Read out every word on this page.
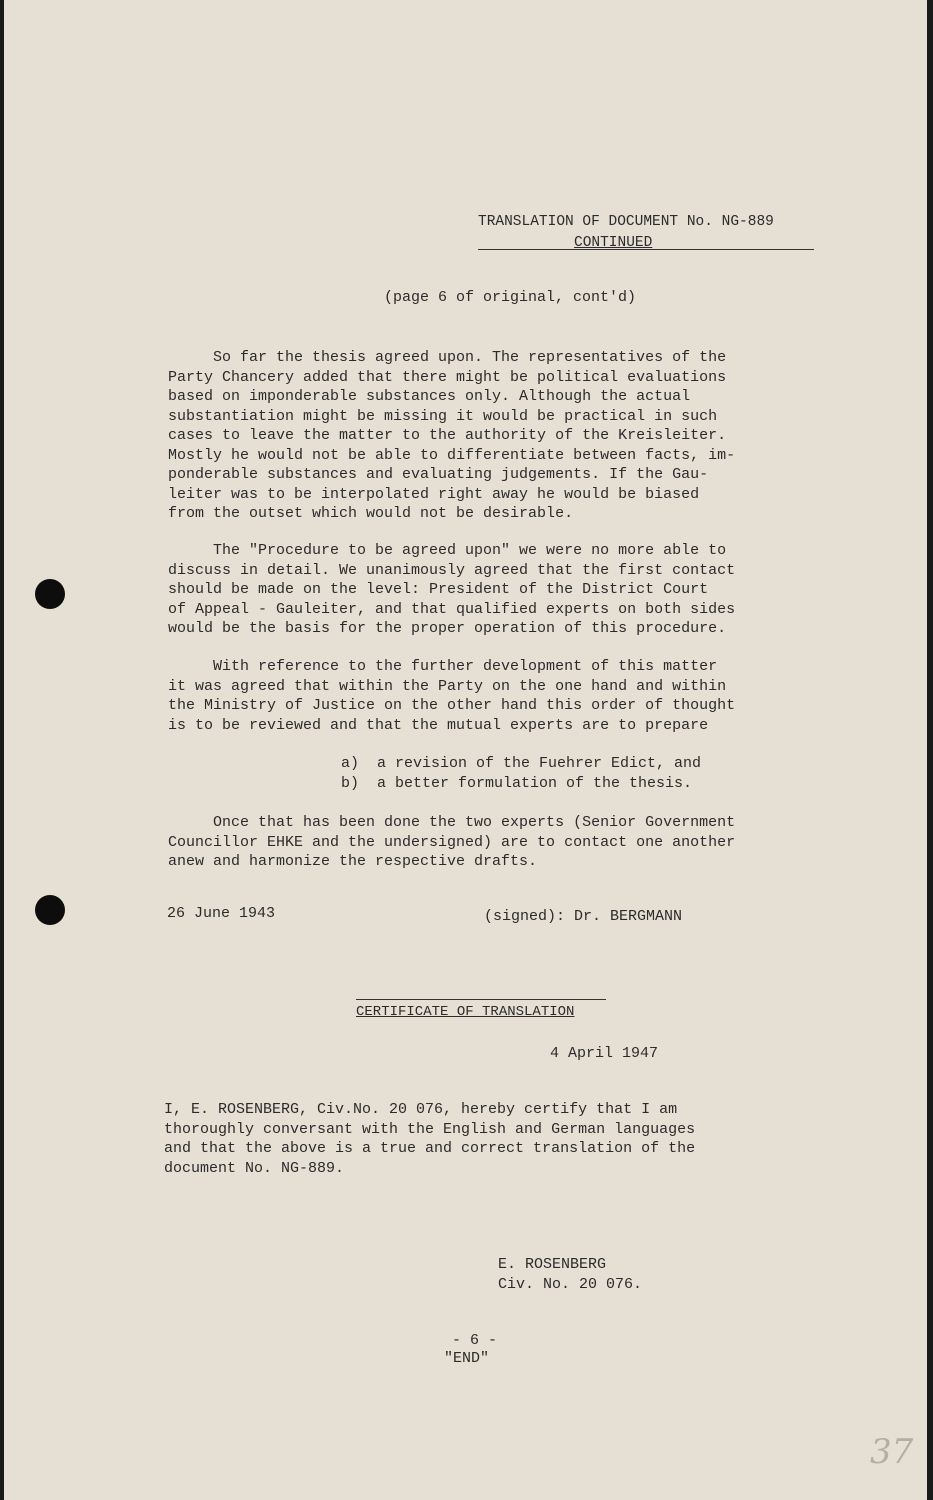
TRANSLATION OF DOCUMENT No. NG-889
CONTINUED
(page 6 of original, cont'd)
So far the thesis agreed upon. The representatives of the
Party Chancery added that there might be political evaluations
based on imponderable substances only. Although the actual
substantiation might be missing it would be practical in such
cases to leave the matter to the authority of the Kreisleiter.
Mostly he would not be able to differentiate between facts, im-
ponderable substances and evaluating judgements. If the Gau-
leiter was to be interpolated right away he would be biased
from the outset which would not be desirable.
The "Procedure to be agreed upon" we were no more able to
discuss in detail. We unanimously agreed that the first contact
should be made on the level: President of the District Court
of Appeal - Gauleiter, and that qualified experts on both sides
would be the basis for the proper operation of this procedure.
With reference to the further development of this matter
it was agreed that within the Party on the one hand and within
the Ministry of Justice on the other hand this order of thought
is to be reviewed and that the mutual experts are to prepare
a)  a revision of the Fuehrer Edict, and
b)  a better formulation of the thesis.
Once that has been done the two experts (Senior Government
Councillor EHKE and the undersigned) are to contact one another
anew and harmonize the respective drafts.
26 June 1943	(signed): Dr. BERGMANN
CERTIFICATE OF TRANSLATION
4 April 1947
I, E. ROSENBERG, Civ.No. 20 076, hereby certify that I am
thoroughly conversant with the English and German languages
and that the above is a true and correct translation of the
document No. NG-889.
E. ROSENBERG
Civ. No. 20 076.
- 6 -
"END"
37
